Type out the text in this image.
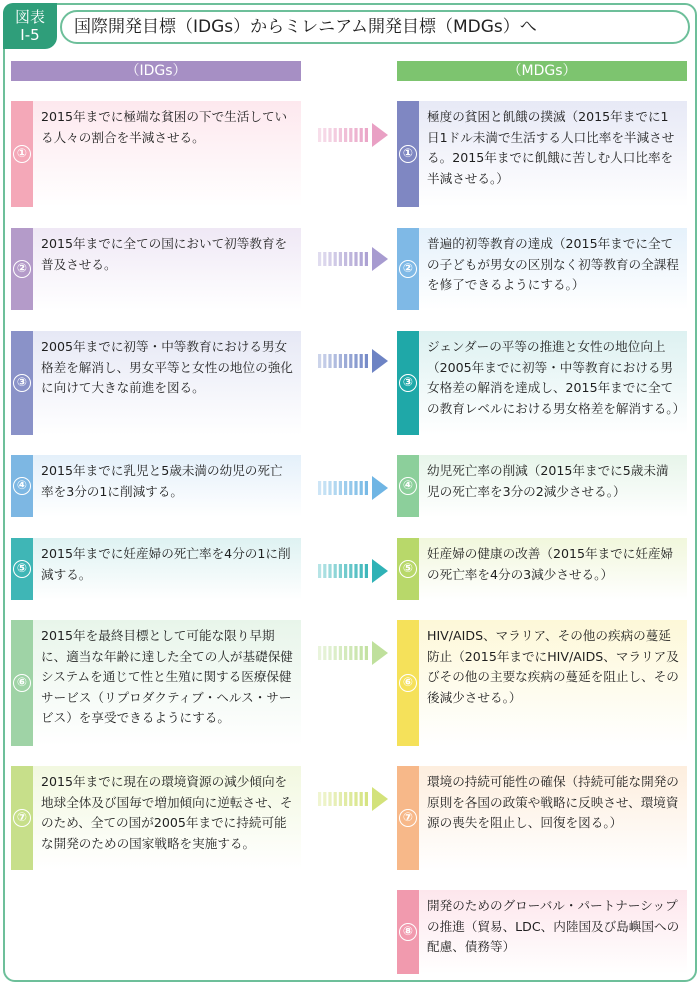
図表
Ⅰ-5	国際開発目標（IDGs）からミレニアム開発目標（MDGs）へ
（IDGs）	（MDGs）
①
2015年までに極端な貧困の下で生活している人々の割合を半減させる。
②
2015年までに全ての国において初等教育を普及させる。
③
2005年までに初等・中等教育における男女格差を解消し、男女平等と女性の地位の強化に向けて大きな前進を図る。
④
2015年までに乳児と5歳未満の幼児の死亡率を3分の1に削減する。
⑤
2015年までに妊産婦の死亡率を4分の1に削減する。
⑥
2015年を最終目標として可能な限り早期に、適当な年齢に達した全ての人が基礎保健システムを通じて性と生殖に関する医療保健サービス（リプロダクティブ・ヘルス・サービス）を享受できるようにする。
⑦
2015年までに現在の環境資源の減少傾向を地球全体及び国毎で増加傾向に逆転させ、そのため、全ての国が2005年までに持続可能な開発のための国家戦略を実施する。
①
極度の貧困と飢餓の撲滅（2015年までに1日1ドル未満で生活する人口比率を半減させる。2015年までに飢餓に苦しむ人口比率を半減させる。）
②
普遍的初等教育の達成（2015年までに全ての子どもが男女の区別なく初等教育の全課程を修了できるようにする。）
③
ジェンダーの平等の推進と女性の地位向上（2005年までに初等・中等教育における男女格差の解消を達成し、2015年までに全ての教育レベルにおける男女格差を解消する。）
④
幼児死亡率の削減（2015年までに5歳未満児の死亡率を3分の2減少させる。）
⑤
妊産婦の健康の改善（2015年までに妊産婦の死亡率を4分の3減少させる。）
⑥
HIV/AIDS、マラリア、その他の疾病の蔓延防止（2015年までにHIV/AIDS、マラリア及びその他の主要な疾病の蔓延を阻止し、その後減少させる。）
⑦
環境の持続可能性の確保（持続可能な開発の原則を各国の政策や戦略に反映させ、環境資源の喪失を阻止し、回復を図る。）
⑧
開発のためのグローバル・パートナーシップの推進（貿易、LDC、内陸国及び島嶼国への配慮、債務等）
